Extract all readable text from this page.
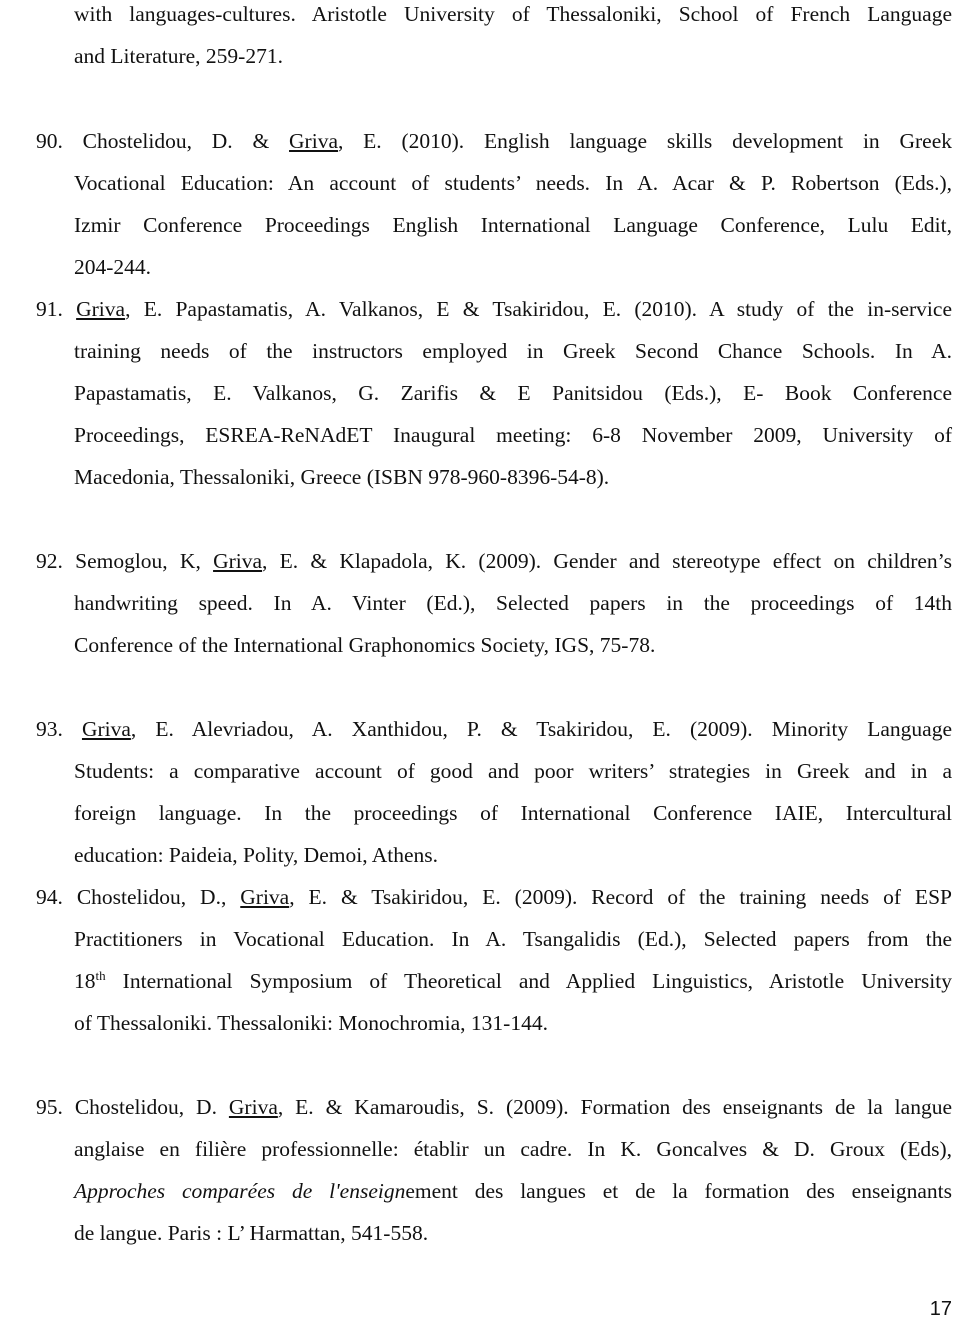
with languages-cultures. Aristotle University of Thessaloniki, School of French Language
and Literature, 259-271.
90. Chostelidou, D. & Griva, E. (2010). English language skills development in Greek
Vocational Education: An account of students’ needs. In A. Acar & P. Robertson (Eds.),
Izmir Conference Proceedings English International Language Conference, Lulu Edit,
204-244.
91. Griva, E. Papastamatis, A. Valkanos, E & Tsakiridou, E. (2010). A study of the in-service
training needs of the instructors employed in Greek Second Chance Schools. In A.
Papastamatis, E. Valkanos, G. Zarifis & E Panitsidou (Eds.), E- Book Conference
Proceedings, ESREA-ReNAdET Inaugural meeting: 6-8 November 2009, University of
Macedonia, Thessaloniki, Greece (ISBN 978-960-8396-54-8).
92. Semoglou, K, Griva, E. & Klapadola, K. (2009). Gender and stereotype effect on children’s
handwriting speed. In A. Vinter (Ed.), Selected papers in the proceedings of 14th
Conference of the International Graphonomics Society, IGS, 75-78.
93. Griva, E. Alevriadou, A. Xanthidou, P. & Tsakiridou, E. (2009). Minority Language
Students: a comparative account of good and poor writers’ strategies in Greek and in a
foreign language. In the proceedings of International Conference IAIE, Intercultural
education: Paideia, Polity, Demoi, Athens.
94. Chostelidou, D., Griva, E. & Tsakiridou, E. (2009). Record of the training needs of ESP
Practitioners in Vocational Education. In A. Tsangalidis (Ed.), Selected papers from the
18th International Symposium of Theoretical and Applied Linguistics, Aristotle University
of Thessaloniki. Thessaloniki: Monochromia, 131-144.
95. Chostelidou, D. Griva, E. & Kamaroudis, S. (2009). Formation des enseignants de la langue
anglaise en filière professionnelle: établir un cadre. In K. Goncalves & D. Groux (Eds),
Approches comparées de l'enseignement des langues et de la formation des enseignants
de langue. Paris : L’ Harmattan, 541-558.
17
